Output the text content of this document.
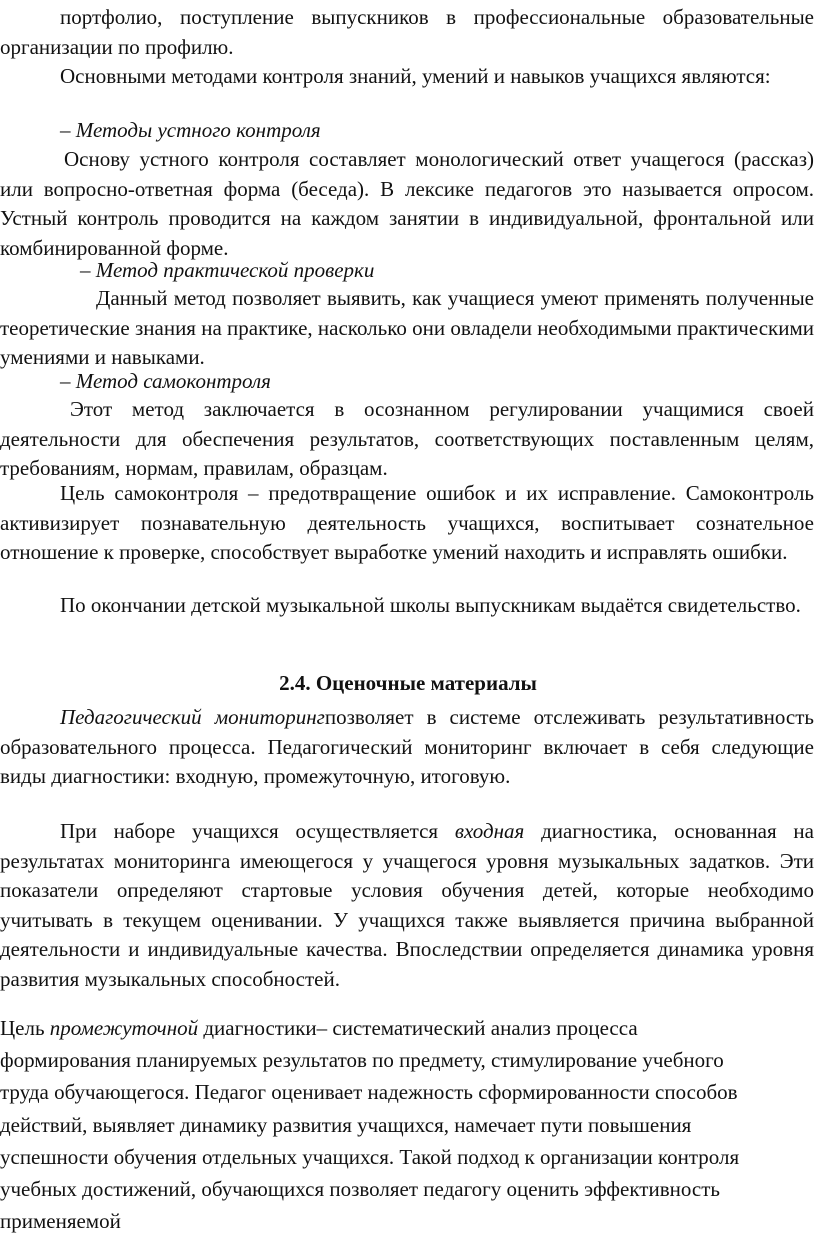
портфолио, поступление выпускников в профессиональные образовательные организации по профилю.

Основными методами контроля знаний, умений и навыков учащихся являются:

– Методы устного контроля

Основу устного контроля составляет монологический ответ учащегося (рассказ) или вопросно-ответная форма (беседа). В лексике педагогов это называется опросом. Устный контроль проводится на каждом занятии в индивидуальной, фронтальной или комбинированной форме.

– Метод практической проверки

Данный метод позволяет выявить, как учащиеся умеют применять полученные теоретические знания на практике, насколько они овладели необходимыми практическими умениями и навыками.

– Метод самоконтроля

Этот метод заключается в осознанном регулировании учащимися своей деятельности для обеспечения результатов, соответствующих поставленным целям, требованиям, нормам, правилам, образцам.

Цель самоконтроля – предотвращение ошибок и их исправление. Самоконтроль активизирует познавательную деятельность учащихся, воспитывает сознательное отношение к проверке, способствует выработке умений находить и исправлять ошибки.

По окончании детской музыкальной школы выпускникам выдаётся свидетельство.

2.4. Оценочные материалы

Педагогический мониторингпозволяет в системе отслеживать результативность образовательного процесса. Педагогический мониторинг включает в себя следующие виды диагностики: входную, промежуточную, итоговую.

При наборе учащихся осуществляется входная диагностика, основанная на результатах мониторинга имеющегося у учащегося уровня музыкальных задатков. Эти показатели определяют стартовые условия обучения детей, которые необходимо учитывать в текущем оценивании. У учащихся также выявляется причина выбранной деятельности и индивидуальные качества. Впоследствии определяется динамика уровня развития музыкальных способностей.

Цель промежуточной диагностики– систематический анализ процесса формирования планируемых результатов по предмету, стимулирование учебного труда обучающегося. Педагог оценивает надежность сформированности способов действий, выявляет динамику развития учащихся, намечает пути повышения успешности обучения отдельных учащихся. Такой подход к организации контроля учебных достижений, обучающихся позволяет педагогу оценить эффективность применяемой
